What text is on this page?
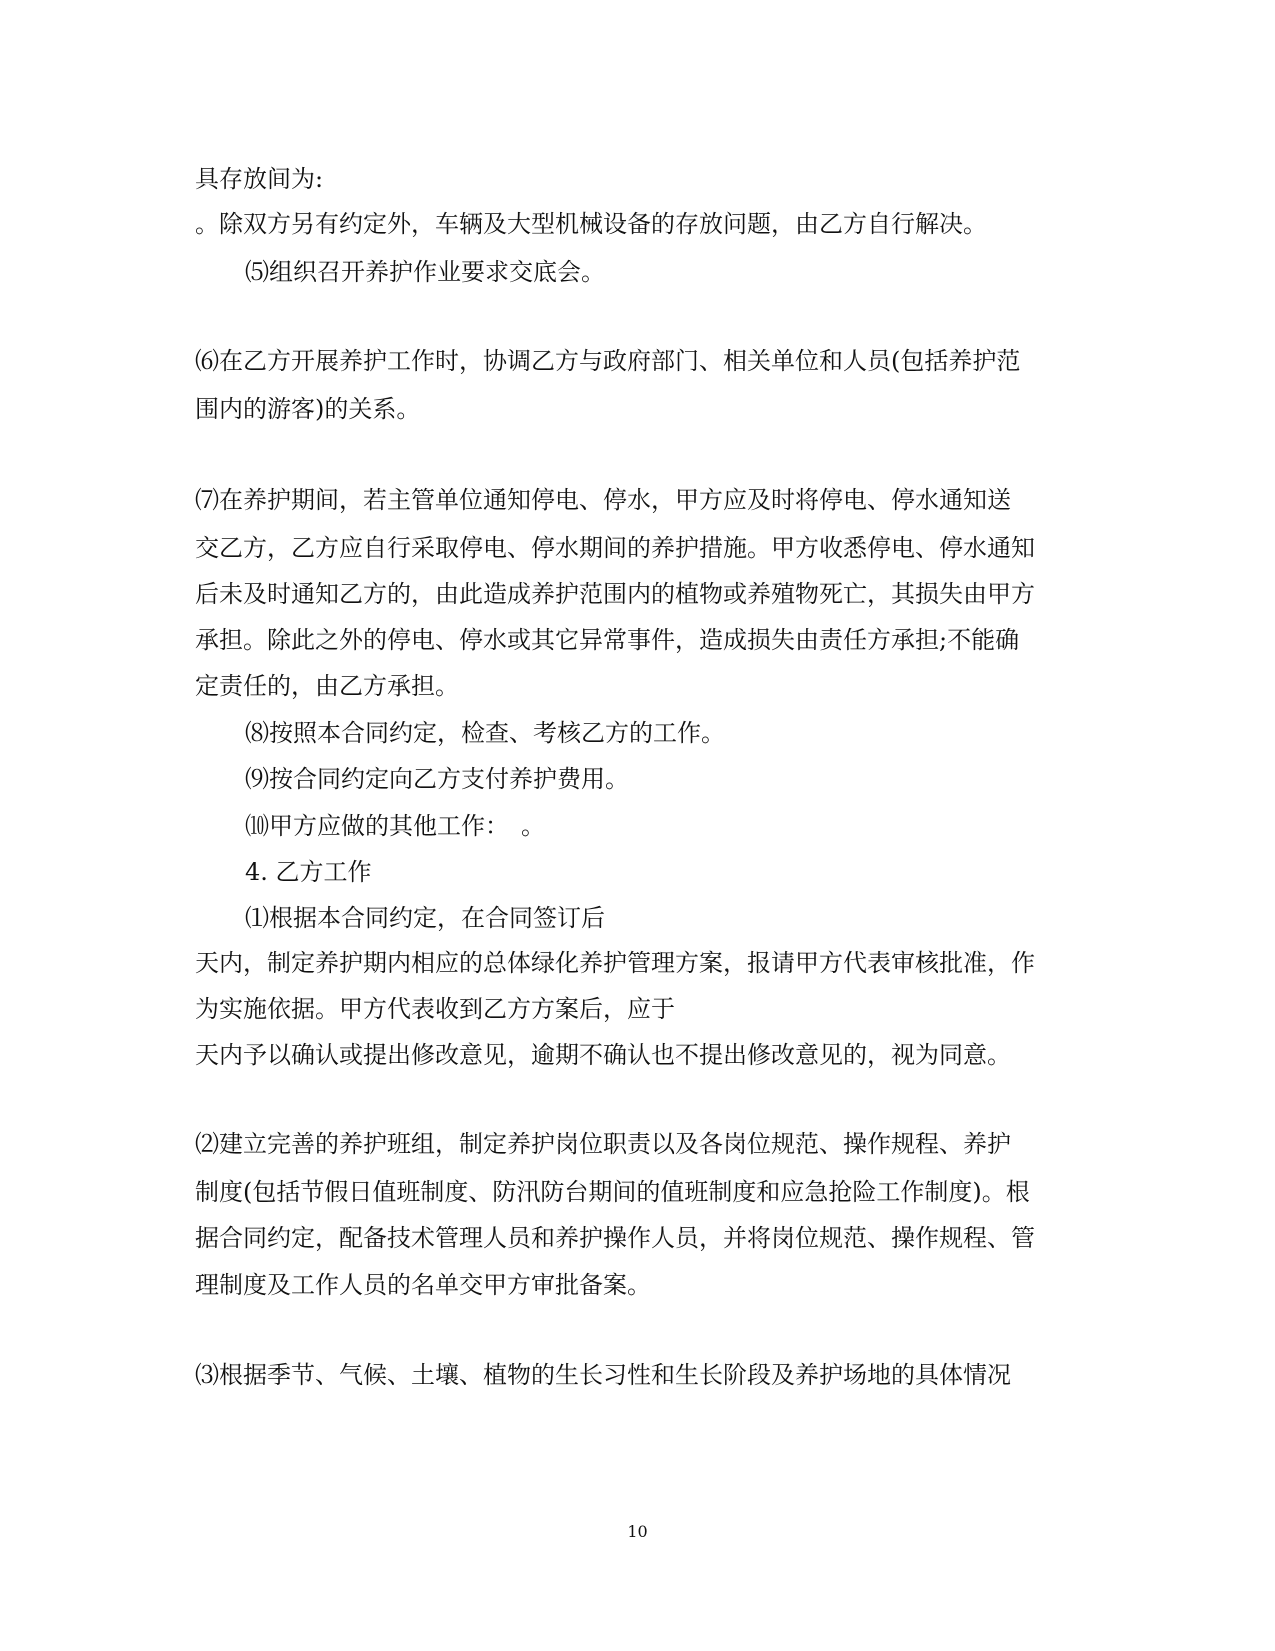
具存放间为:
。除双方另有约定外，车辆及大型机械设备的存放问题，由乙方自行解决。
⑸组织召开养护作业要求交底会。
⑹在乙方开展养护工作时，协调乙方与政府部门、相关单位和人员(包括养护范
围内的游客)的关系。
⑺在养护期间，若主管单位通知停电、停水，甲方应及时将停电、停水通知送
交乙方，乙方应自行采取停电、停水期间的养护措施。甲方收悉停电、停水通知
后未及时通知乙方的，由此造成养护范围内的植物或养殖物死亡，其损失由甲方
承担。除此之外的停电、停水或其它异常事件，造成损失由责任方承担;不能确
定责任的，由乙方承担。
⑻按照本合同约定，检查、考核乙方的工作。
⑼按合同约定向乙方支付养护费用。
⑽甲方应做的其他工作：　。
4. 乙方工作
⑴根据本合同约定，在合同签订后
天内，制定养护期内相应的总体绿化养护管理方案，报请甲方代表审核批准，作
为实施依据。甲方代表收到乙方方案后，应于
天内予以确认或提出修改意见，逾期不确认也不提出修改意见的，视为同意。
⑵建立完善的养护班组，制定养护岗位职责以及各岗位规范、操作规程、养护
制度(包括节假日值班制度、防汛防台期间的值班制度和应急抢险工作制度)。根
据合同约定，配备技术管理人员和养护操作人员，并将岗位规范、操作规程、管
理制度及工作人员的名单交甲方审批备案。
⑶根据季节、气候、土壤、植物的生长习性和生长阶段及养护场地的具体情况
10
